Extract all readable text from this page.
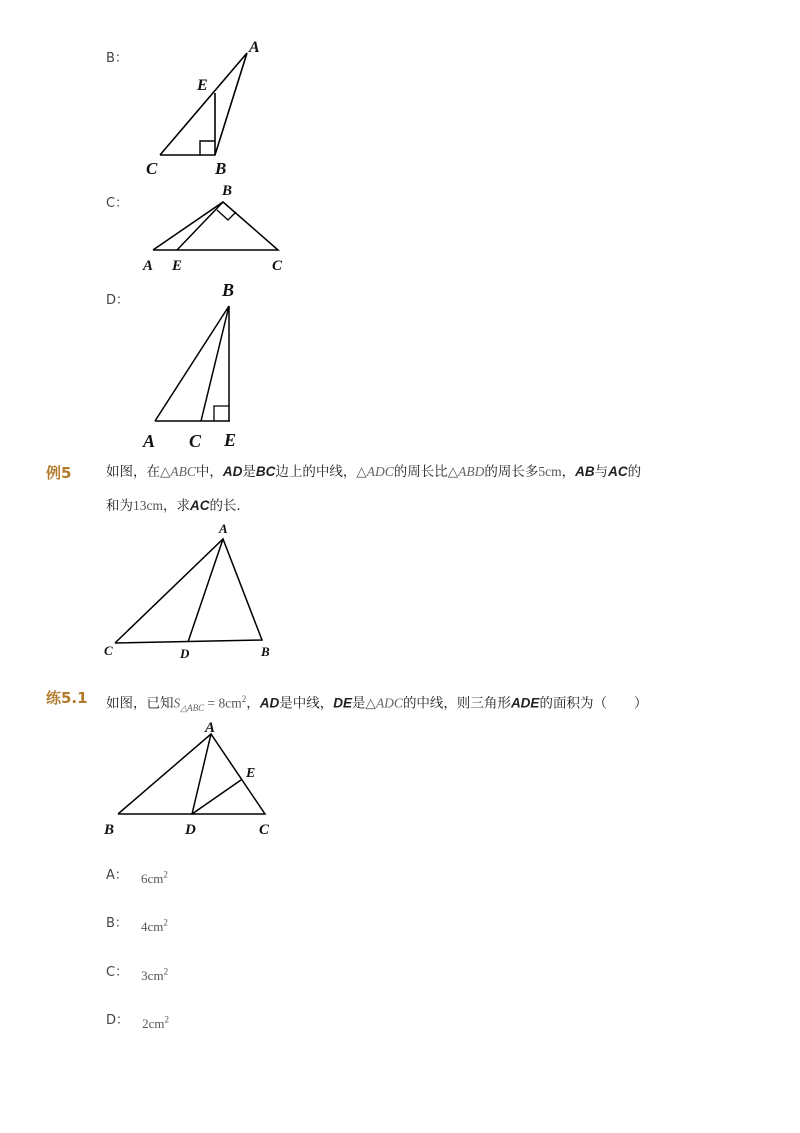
B：
A
E
C	B
C：
B
A E	C
D：
B
A C E
例5	如图，在△ABC中，AD是BC边上的中线，△ADC的周长比△ABD的周长多5cm，AB与AC的
和为13cm，求AC的长．
A
C	D	B
练5.1 如图，已知$S_{\triangle ABC} = 8cm^2$，AD是中线，DE是△ADC的中线，则三角形ADE的面积为（　　）
A
E
B	D	C
A： $_{6cm^2}$
B： $_{4cm^2}$
C： $_{3cm^2}$
D： $_{2cm^2}$
